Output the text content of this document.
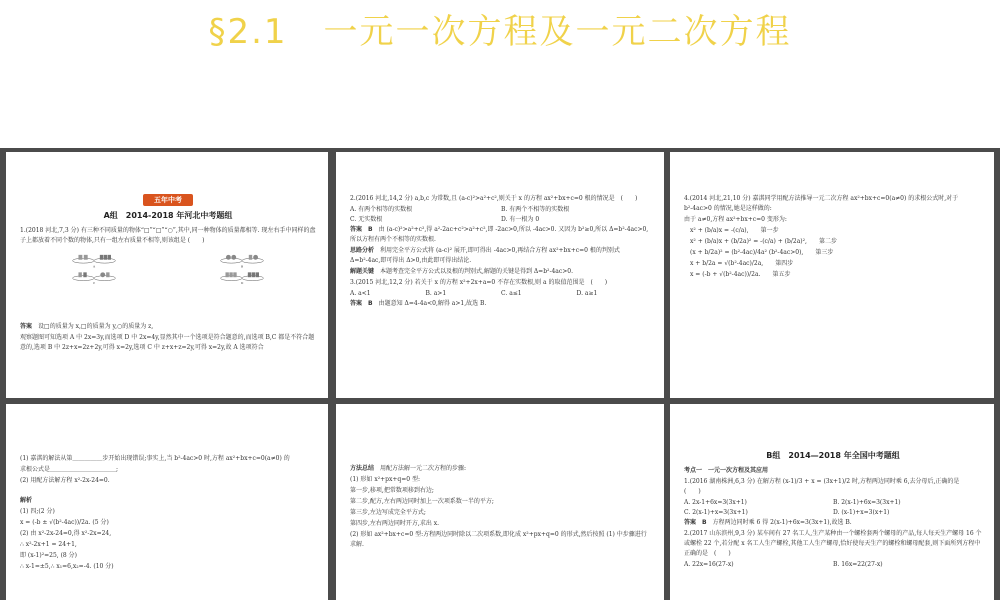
§2.1　一元一次方程及一元二次方程
五年中考
A组　2014-2018 年河北中考题组

1.(2018 河北,7,3 分) 有三种不同质量的物体“□”“□”“○”,其中,同一种物体的质量都相等. 现左右手中同样的盘子上都放着不同个数的物体,只有一组左右质量不相等,则该组是 (　　)

A
C
B
D

答案　 设□的质量为 x,□的质量为 y,○的质量为 z,

观察题图可知选项 A 中 2x=3y,而选项 D 中 2x=4y,显然其中一个选项是符合题意的,而选项 B,C 都是不符合题意的,选项 B 中 2z+x=2z+2y,可得 x=2y,选项 C 中 z+x+z=2y,可得 x=2y,故 A 选项符合

2.(2016 河北,14,2 分) a,b,c 为常数,且 (a-c)²>a²+c²,则关于 x 的方程 ax²+bx+c=0 根的情况是　(　　)

A. 有两个相等的实数根	B. 有两个不相等的实数根
C. 无实数根	D. 有一根为 0

答案　 B　 由 (a-c)²>a²+c²,得 a²-2ac+c²>a²+c²,即 -2ac>0,所以 -4ac>0. 又因为 b²≥0,所以 Δ=b²-4ac>0,所以方程有两个不相等的实数根.

思路分析　 利用完全平方公式将 (a-c)² 展开,即可得出 -4ac>0,再结合方程 ax²+bx+c=0 根的判别式 Δ=b²-4ac,即可得出 Δ>0,由此即可得出结论.

解题关键　 本题考查完全平方公式以及根的判别式,解题的关键是得到 Δ=b²-4ac>0.

3.(2015 河北,12,2 分) 若关于 x 的方程 x²+2x+a=0 不存在实数根,则 a 的取值范围是　(　　)

A. a<1	B. a>1	C. a≤1	D. a≥1

答案　 B　 由题意知 Δ=4-4a<0,解得 a>1,故选 B.

4.(2014 河北,21,10 分) 嘉淇同学用配方法推导一元二次方程 ax²+bx+c=0(a≠0) 的求根公式时,对于 b²-4ac>0 的情况,她是这样做的:

由于 a≠0,方程 ax²+bx+c=0 变形为:

x² + (b/a)x = -(c/a),　　 第一步

x² + (b/a)x + (b/2a)² = -(c/a) + (b/2a)²,　　 第二步

(x + b/2a)² = (b²-4ac)/4a² (b²-4ac>0),　　 第三步

x + b/2a = √(b²-4ac)/2a,　　 第四步

x = (-b + √(b²-4ac))/2a.　　 第五步

(1) 嘉淇的解法从第＿＿＿＿＿步开始出现错误;事实上,当 b²-4ac>0 时,方程 ax²+bx+c=0(a≠0) 的

求根公式是＿＿＿＿＿＿＿＿＿＿＿;

(2) 用配方法解方程 x²-2x-24=0.

解析

(1) 四;(2 分)

x = (-b ± √(b²-4ac))/2a. (5 分)

(2) 由 x²-2x-24=0,得 x²-2x=24,

∴ x²-2x+1 = 24+1,

即 (x-1)²=25, (8 分)

∴ x-1=±5,∴ x₁=6,x₂=-4. (10 分)

方法总结　 用配方法解一元二次方程的步骤:

(1) 形如 x²+px+q=0 型:

第一步,移项,把常数项移到右边;

第二步,配方,左右两边同时加上一次项系数一半的平方;

第三步,左边写成完全平方式;

第四步,左右两边同时开方,求出 x.

(2) 形如 ax²+bx+c=0 型:方程两边同时除以二次项系数,即化成 x²+px+q=0 的形式,然后按照 (1) 中步骤进行求解.

B组　2014—2018 年全国中考题组

考点一　一元一次方程及其应用

1.(2016 湖南株洲,6,3 分) 在解方程 (x-1)/3 + x = (3x+1)/2 时,方程两边同时乘 6,去分母后,正确的是　(　　)

A. 2x-1+6x=3(3x+1)	B. 2(x-1)+6x=3(3x+1)
C. 2(x-1)+x=3(3x+1)	D. (x-1)+x=3(x+1)

答案　 B　 方程两边同时乘 6 得 2(x-1)+6x=3(3x+1),故选 B.

2.(2017 山东滨州,9,3 分) 某车间有 27 名工人,生产某种由一个螺栓套两个螺母的产品,每人每天生产螺母 16 个或螺栓 22 个,若分配 x 名工人生产螺栓,其他工人生产螺母,恰好使每天生产的螺栓和螺母配套,则下面所列方程中正确的是　(　　)

A. 22x=16(27-x)	B. 16x=22(27-x)
